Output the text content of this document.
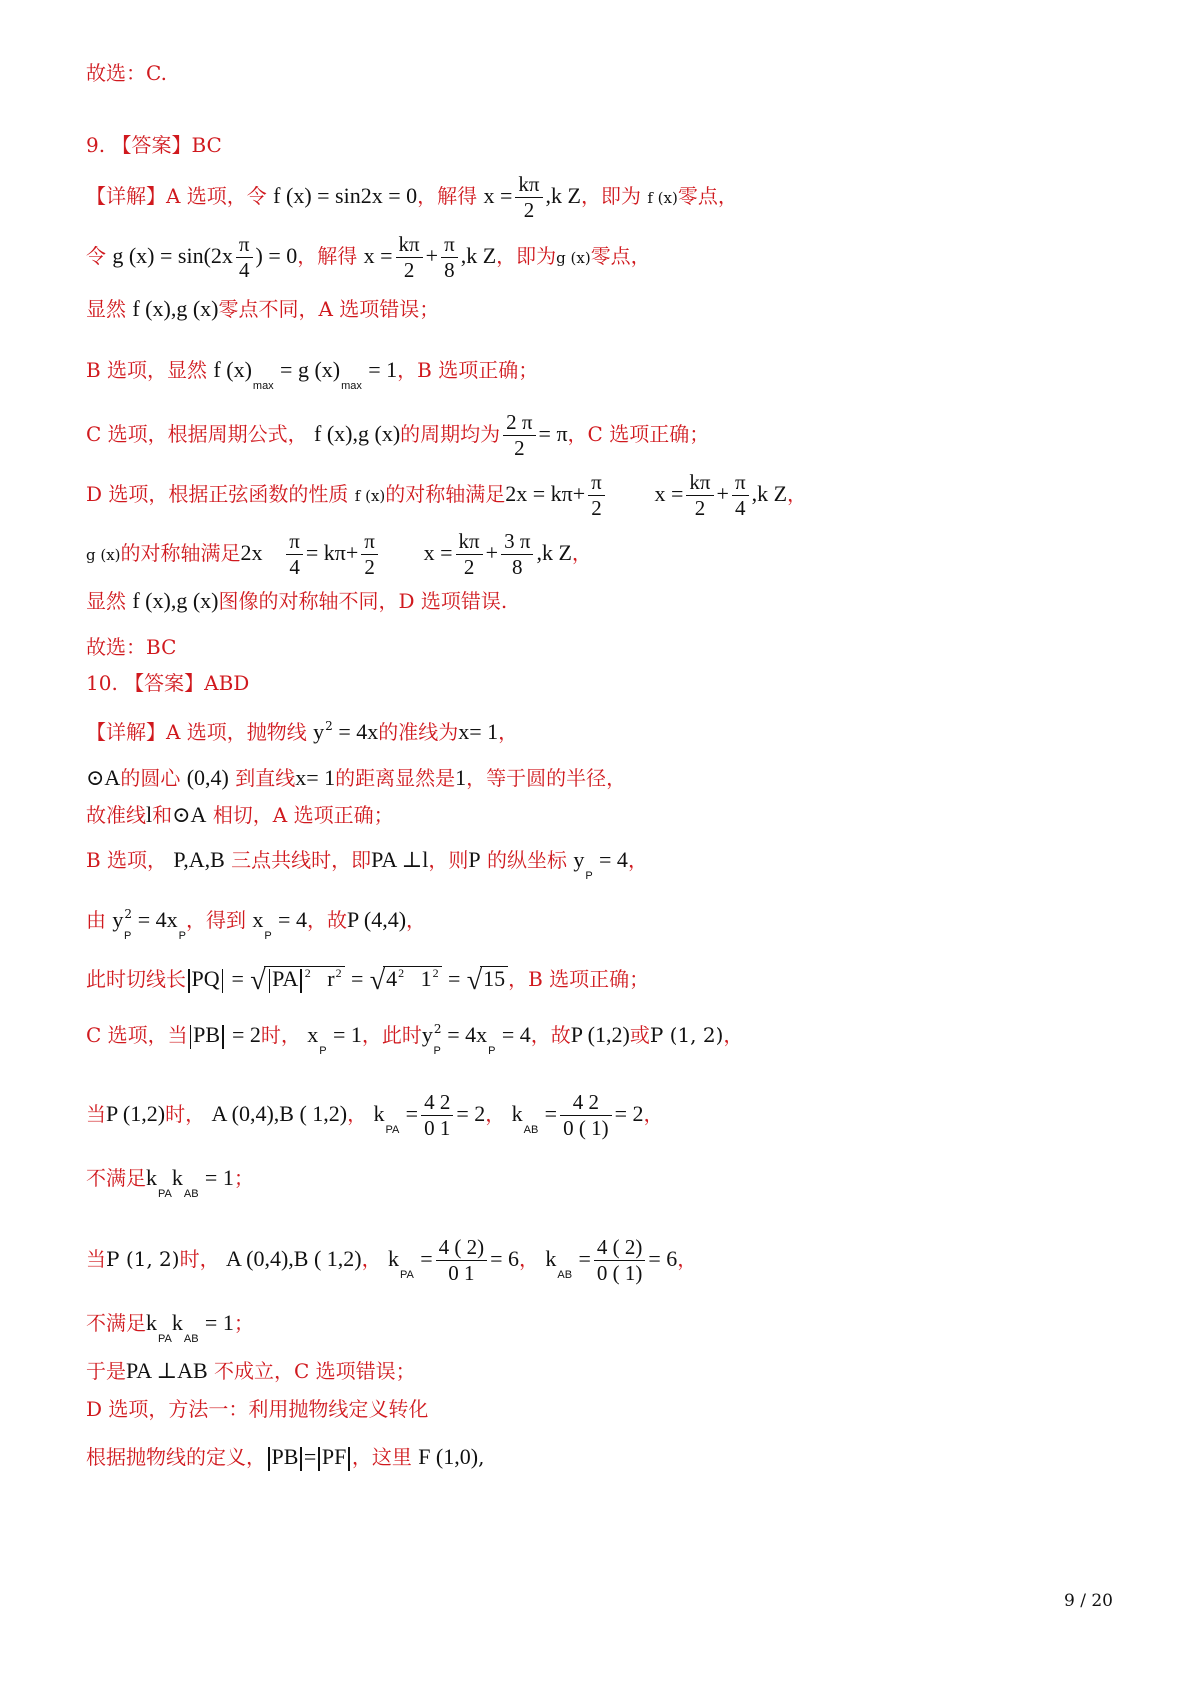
故选：C.
9. 【答案】BC
【详解】A 选项，令 f (x) = sin2x = 0，解得 $x = \frac{k\pi}{2} ,k$ Z，即为 f (x)零点，
令 g $(x) = \sin(2x \frac{\pi}{4}$ ) = 0，解得 $x = \frac{k\pi}{2} + \frac{\pi}{8} ,k$ Z，即为g (x)零点，
显然 f (x),g (x)零点不同，A 选项错误；
B 选项，显然 f $(x)_{max} = g$ $(x)_{max} = 1$，B 选项正确；
C 选项，根据周期公式， f (x),g (x)的周期均为 $\frac{2 \pi}{2} = \pi$，C 选项正确；
D 选项，根据正弦函数的性质 f (x)的对称轴满足$2x = k\pi+ \frac{\pi}{2}$ $x = \frac{k\pi}{2} + \frac{\pi}{4} ,k$ Z，
g (x)的对称轴满足$2x \frac{\pi}{4} = k\pi+ \frac{\pi}{2}$ $x = \frac{k\pi}{2} + \frac{3 \pi}{8} ,k$ Z，
显然 f (x),g (x)图像的对称轴不同，D 选项错误.
故选：BC
10. 【答案】ABD
【详解】A 选项，抛物线 $y^2 = 4x$的准线为x= 1，
⊙A的圆心 (0,4) 到直线x= 1的距离显然是1，等于圆的半径，
故准线l和⊙A 相切，A 选项正确；
B 选项， P,A,B 三点共线时，即PA ⊥l，则P 的纵坐标 $y_P = 4$，
由 $y^2_P = 4x_P$，得到 $x_P = 4$，故P (4,4)，
此时切线长 PQ = √ PA $^2$ $r^2 = √4^2$ $1^2 = √15$ ，B 选项正确；
C 选项，当 PB = 2时， $x_P = 1$，此时$y^2_P = 4x_P = 4$，故P (1,2)或P (1, 2)，
当P (1,2)时， A (0,4),B ( 1,2)， $k_{PA} = \frac{4 2}{0 1} = 2$， $k_{AB} = \frac{4 2}{0 ( 1)} = 2$，
不满足$k_{PA}k_{AB} = 1$；
当P (1, 2)时， A (0,4),B ( 1,2)， $k_{PA} = \frac{4 ( 2)}{0 1} = 6$， $k_{AB} = \frac{4 ( 2)}{0 ( 1)} = 6$，
不满足$k_{PA}k_{AB} = 1$；
于是PA ⊥AB 不成立，C 选项错误；
D 选项，方法一：利用抛物线定义转化
根据抛物线的定义， PB = PF ，这里 F (1,0),
9 / 20
